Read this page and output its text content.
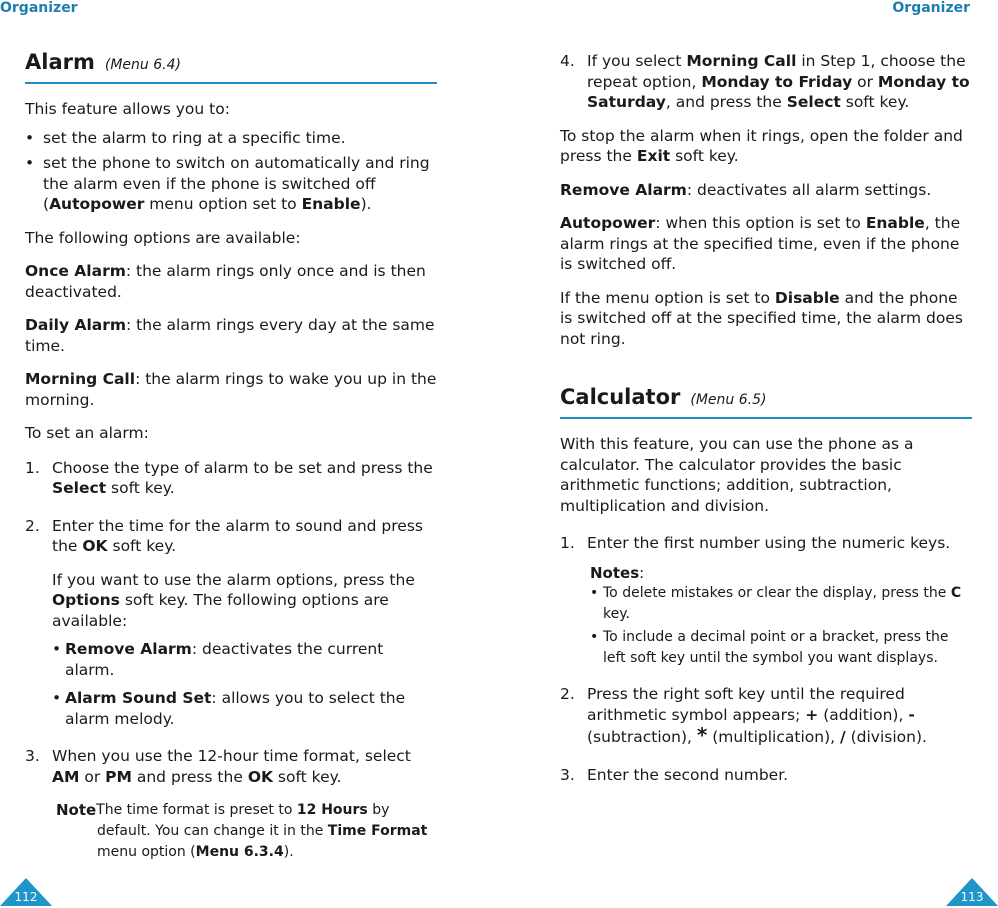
Organizer	Organizer
Alarm (Menu 6.4)

This feature allows you to:

• set the alarm to ring at a specific time.

• set the phone to switch on automatically and ring the alarm even if the phone is switched off (Autopower menu option set to Enable).

The following options are available:

Once Alarm: the alarm rings only once and is then deactivated.

Daily Alarm: the alarm rings every day at the same time.

Morning Call: the alarm rings to wake you up in the morning.

To set an alarm:

1. Choose the type of alarm to be set and press the Select soft key.

2. Enter the time for the alarm to sound and press the OK soft key.

If you want to use the alarm options, press the Options soft key. The following options are available:

• Remove Alarm: deactivates the current alarm.

• Alarm Sound Set: allows you to select the alarm melody.

3. When you use the 12-hour time format, select AM or PM and press the OK soft key.

Note
: The time format is preset to 12 Hours by default. You can change it in the Time Format menu option (Menu 6.3.4).

4. If you select Morning Call in Step 1, choose the repeat option, Monday to Friday or Monday to Saturday, and press the Select soft key.

To stop the alarm when it rings, open the folder and press the Exit soft key.

Remove Alarm: deactivates all alarm settings.

Autopower: when this option is set to Enable, the alarm rings at the specified time, even if the phone is switched off.

If the menu option is set to Disable and the phone is switched off at the specified time, the alarm does not ring.

Calculator (Menu 6.5)

With this feature, you can use the phone as a calculator. The calculator provides the basic arithmetic functions; addition, subtraction, multiplication and division.

1. Enter the first number using the numeric keys.

Notes:

• To delete mistakes or clear the display, press the C key.

• To include a decimal point or a bracket, press the left soft key until the symbol you want displays.

2. Press the right soft key until the required arithmetic symbol appears; + (addition), - (subtraction), * (multiplication), / (division).

3. Enter the second number.

112	113
